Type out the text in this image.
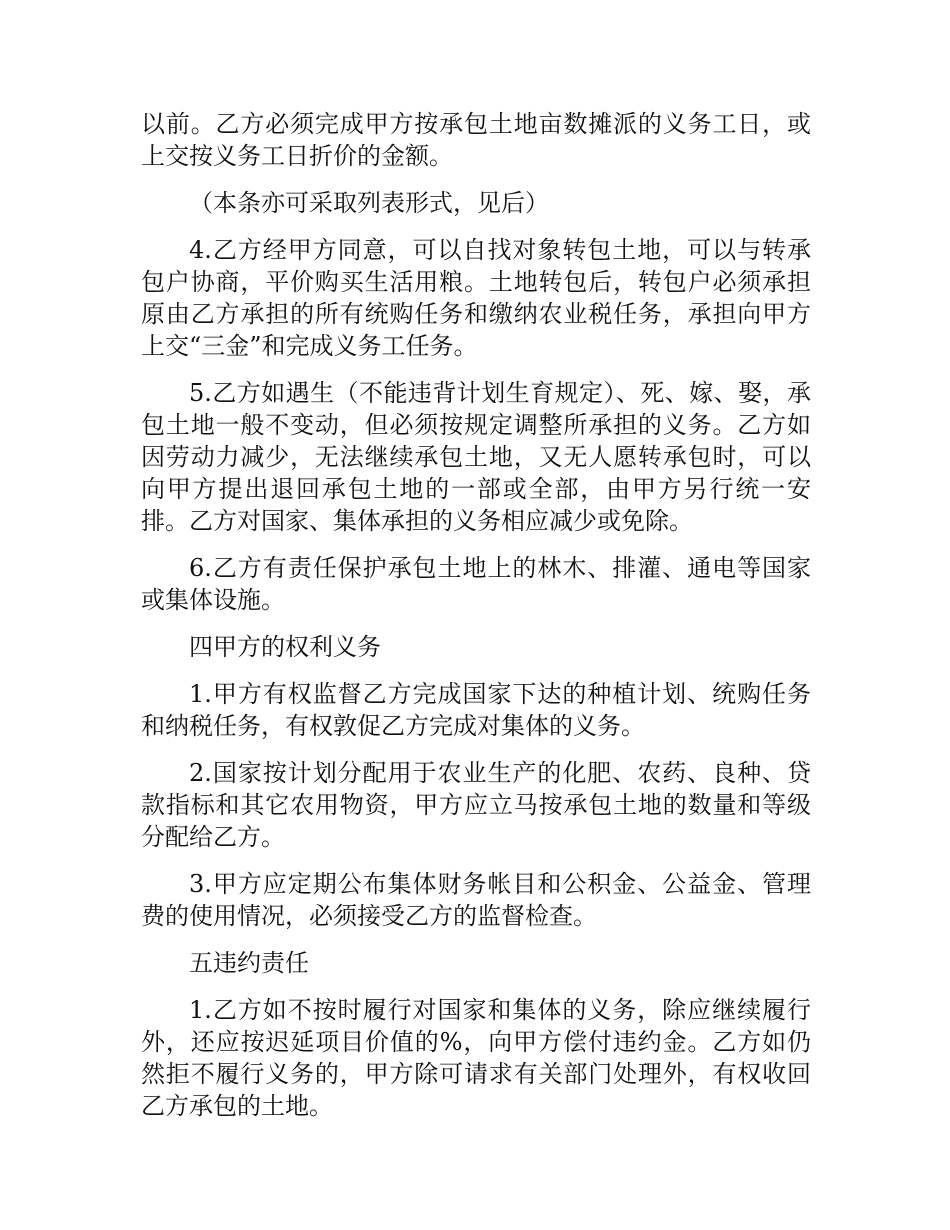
以前。乙方必须完成甲方按承包土地亩数摊派的义务工日，或上交按义务工日折价的金额。

（本条亦可采取列表形式，见后）

4.乙方经甲方同意，可以自找对象转包土地，可以与转承包户协商，平价购买生活用粮。土地转包后，转包户必须承担原由乙方承担的所有统购任务和缴纳农业税任务，承担向甲方上交“三金”和完成义务工任务。

5.乙方如遇生（不能违背计划生育规定）、死、嫁、娶，承包土地一般不变动，但必须按规定调整所承担的义务。乙方如因劳动力减少，无法继续承包土地，又无人愿转承包时，可以向甲方提出退回承包土地的一部或全部，由甲方另行统一安排。乙方对国家、集体承担的义务相应减少或免除。

6.乙方有责任保护承包土地上的林木、排灌、通电等国家或集体设施。

四甲方的权利义务

1.甲方有权监督乙方完成国家下达的种植计划、统购任务和纳税任务，有权敦促乙方完成对集体的义务。

2.国家按计划分配用于农业生产的化肥、农药、良种、贷款指标和其它农用物资，甲方应立马按承包土地的数量和等级分配给乙方。

3.甲方应定期公布集体财务帐目和公积金、公益金、管理费的使用情况，必须接受乙方的监督检查。

五违约责任

1.乙方如不按时履行对国家和集体的义务，除应继续履行外，还应按迟延项目价值的%，向甲方偿付违约金。乙方如仍然拒不履行义务的，甲方除可请求有关部门处理外，有权收回乙方承包的土地。
